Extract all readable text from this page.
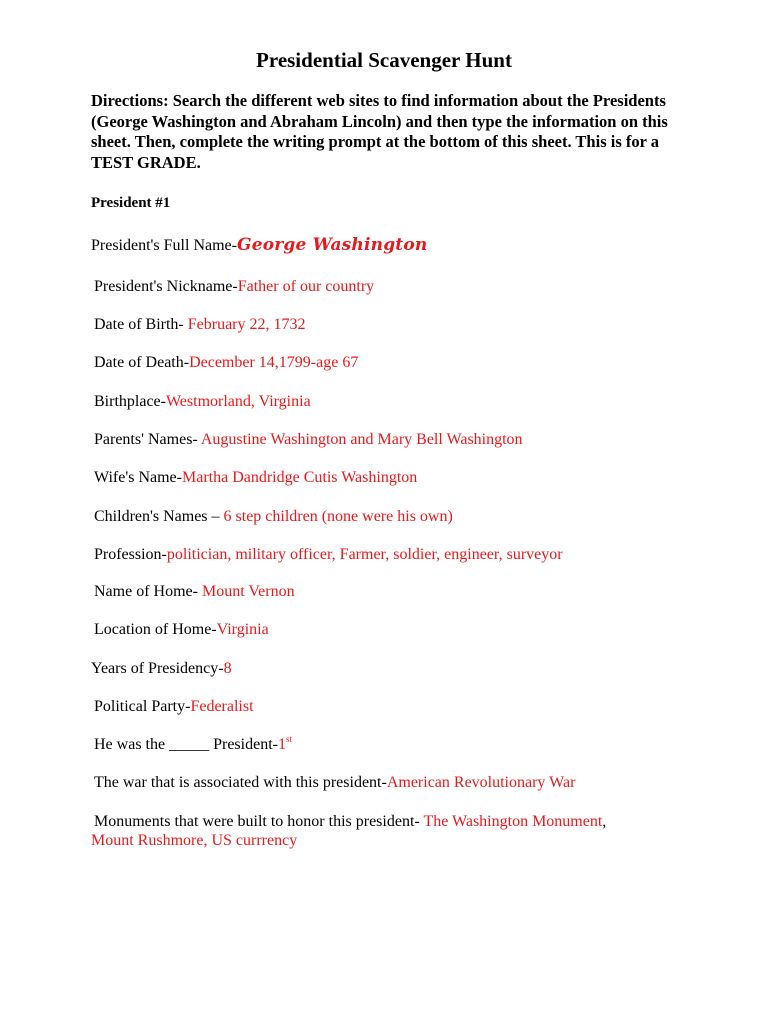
Presidential Scavenger Hunt
Directions: Search the different web sites to find information about the Presidents (George Washington and Abraham Lincoln) and then type the information on this sheet. Then, complete the writing prompt at the bottom of this sheet. This is for a TEST GRADE.
President #1
President's Full Name-George Washington
President's Nickname-Father of our country
Date of Birth- February 22, 1732
Date of Death-December 14,1799-age 67
Birthplace-Westmorland, Virginia
Parents' Names- Augustine Washington and Mary Bell Washington
Wife's Name-Martha Dandridge Cutis Washington
Children's Names – 6 step children (none were his own)
Profession-politician, military officer, Farmer, soldier, engineer, surveyor
Name of Home- Mount Vernon
Location of Home-Virginia
Years of Presidency-8
Political Party-Federalist
He was the _____ President-1st
The war that is associated with this president-American Revolutionary War
Monuments that were built to honor this president- The Washington Monument,
Mount Rushmore, US currrency
